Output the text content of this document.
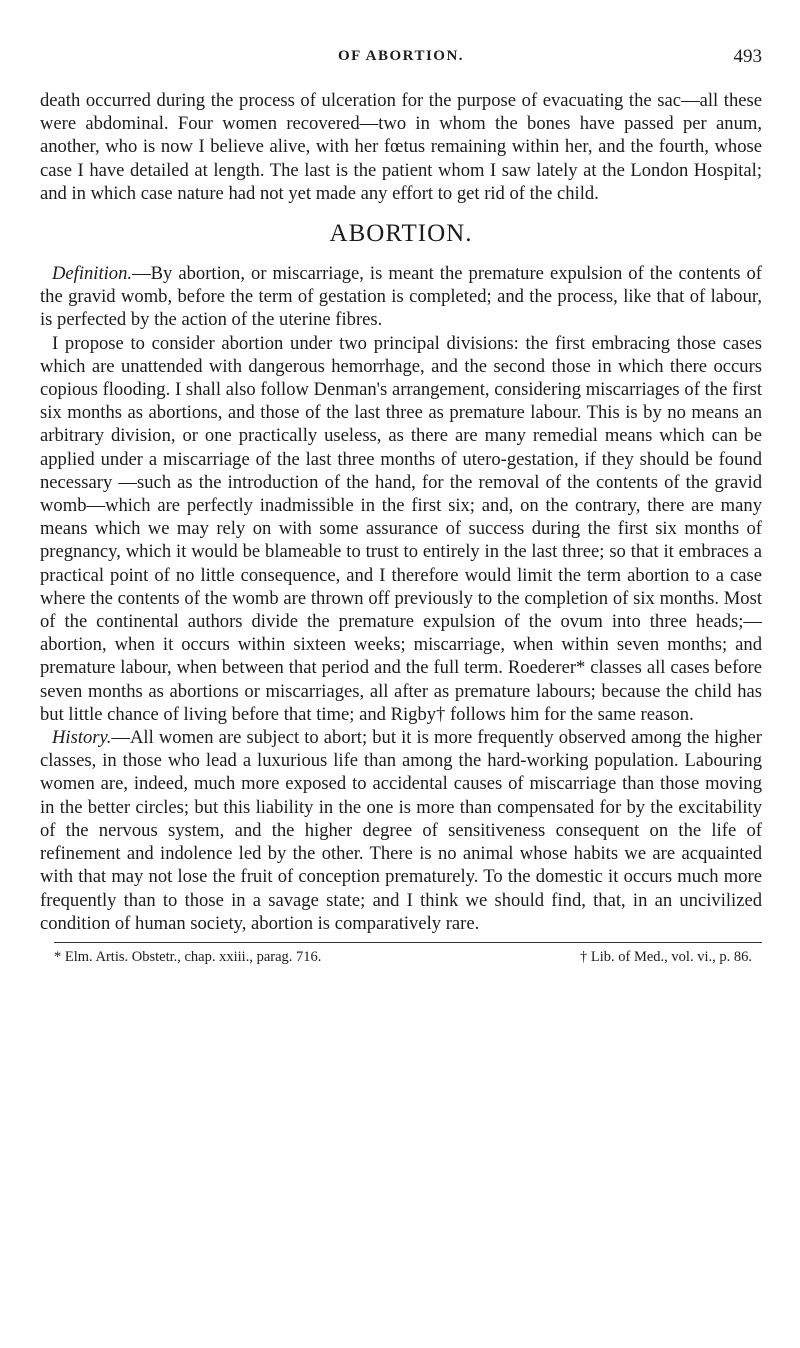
OF ABORTION.	493

death occurred during the process of ulceration for the purpose of evacuating the sac—all these were abdominal. Four women recovered—two in whom the bones have passed per anum, another, who is now I believe alive, with her fœtus remaining within her, and the fourth, whose case I have detailed at length. The last is the patient whom I saw lately at the London Hospital; and in which case nature had not yet made any effort to get rid of the child.

ABORTION.

Definition.—By abortion, or miscarriage, is meant the premature expulsion of the contents of the gravid womb, before the term of gestation is completed; and the process, like that of labour, is perfected by the action of the uterine fibres.

I propose to consider abortion under two principal divisions: the first embracing those cases which are unattended with dangerous hemorrhage, and the second those in which there occurs copious flooding. I shall also follow Denman's arrangement, considering miscarriages of the first six months as abortions, and those of the last three as premature labour. This is by no means an arbitrary division, or one practically useless, as there are many remedial means which can be applied under a miscarriage of the last three months of utero-gestation, if they should be found necessary —such as the introduction of the hand, for the removal of the contents of the gravid womb—which are perfectly inadmissible in the first six; and, on the contrary, there are many means which we may rely on with some assurance of success during the first six months of pregnancy, which it would be blameable to trust to entirely in the last three; so that it embraces a practical point of no little consequence, and I therefore would limit the term abortion to a case where the contents of the womb are thrown off previously to the completion of six months. Most of the continental authors divide the premature expulsion of the ovum into three heads;—abortion, when it occurs within sixteen weeks; miscarriage, when within seven months; and premature labour, when between that period and the full term. Roederer* classes all cases before seven months as abortions or miscarriages, all after as premature labours; because the child has but little chance of living before that time; and Rigby† follows him for the same reason.

History.—All women are subject to abort; but it is more frequently observed among the higher classes, in those who lead a luxurious life than among the hard-working population. Labouring women are, indeed, much more exposed to accidental causes of miscarriage than those moving in the better circles; but this liability in the one is more than compensated for by the excitability of the nervous system, and the higher degree of sensitiveness consequent on the life of refinement and indolence led by the other. There is no animal whose habits we are acquainted with that may not lose the fruit of conception prematurely. To the domestic it occurs much more frequently than to those in a savage state; and I think we should find, that, in an uncivilized condition of human society, abortion is comparatively rare.

* Elm. Artis. Obstetr., chap. xxiii., parag. 716.	† Lib. of Med., vol. vi., p. 86.
